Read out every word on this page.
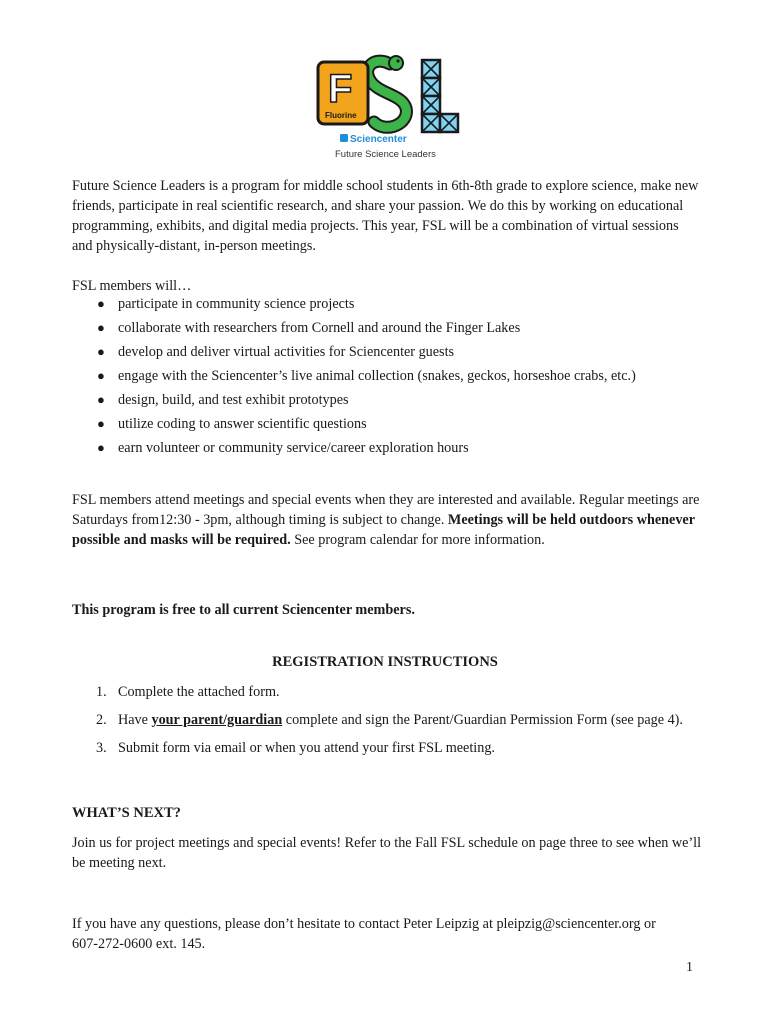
F
Fluorine
Sciencenter
Future Science Leaders
Future Science Leaders is a program for middle school students in 6th-8th grade to explore science, make new friends, participate in real scientific research, and share your passion. We do this by working on educational programming, exhibits, and digital media projects. This year, FSL will be a combination of virtual sessions and physically-distant, in-person meetings.
FSL members will…
● participate in community science projects
● collaborate with researchers from Cornell and around the Finger Lakes
● develop and deliver virtual activities for Sciencenter guests
● engage with the Sciencenter’s live animal collection (snakes, geckos, horseshoe crabs, etc.)
● design, build, and test exhibit prototypes
● utilize coding to answer scientific questions
● earn volunteer or community service/career exploration hours
FSL members attend meetings and special events when they are interested and available. Regular meetings are Saturdays from12:30 - 3pm, although timing is subject to change. Meetings will be held outdoors whenever possible and masks will be required. See program calendar for more information.
This program is free to all current Sciencenter members.
REGISTRATION INSTRUCTIONS
1. Complete the attached form.
2. Have your parent/guardian complete and sign the Parent/Guardian Permission Form (see page 4).
3. Submit form via email or when you attend your first FSL meeting.
WHAT’S NEXT?
Join us for project meetings and special events! Refer to the Fall FSL schedule on page three to see when we’ll be meeting next.
If you have any questions, please don’t hesitate to contact Peter Leipzig at pleipzig@sciencenter.org or 607-272-0600 ext. 145.
1
